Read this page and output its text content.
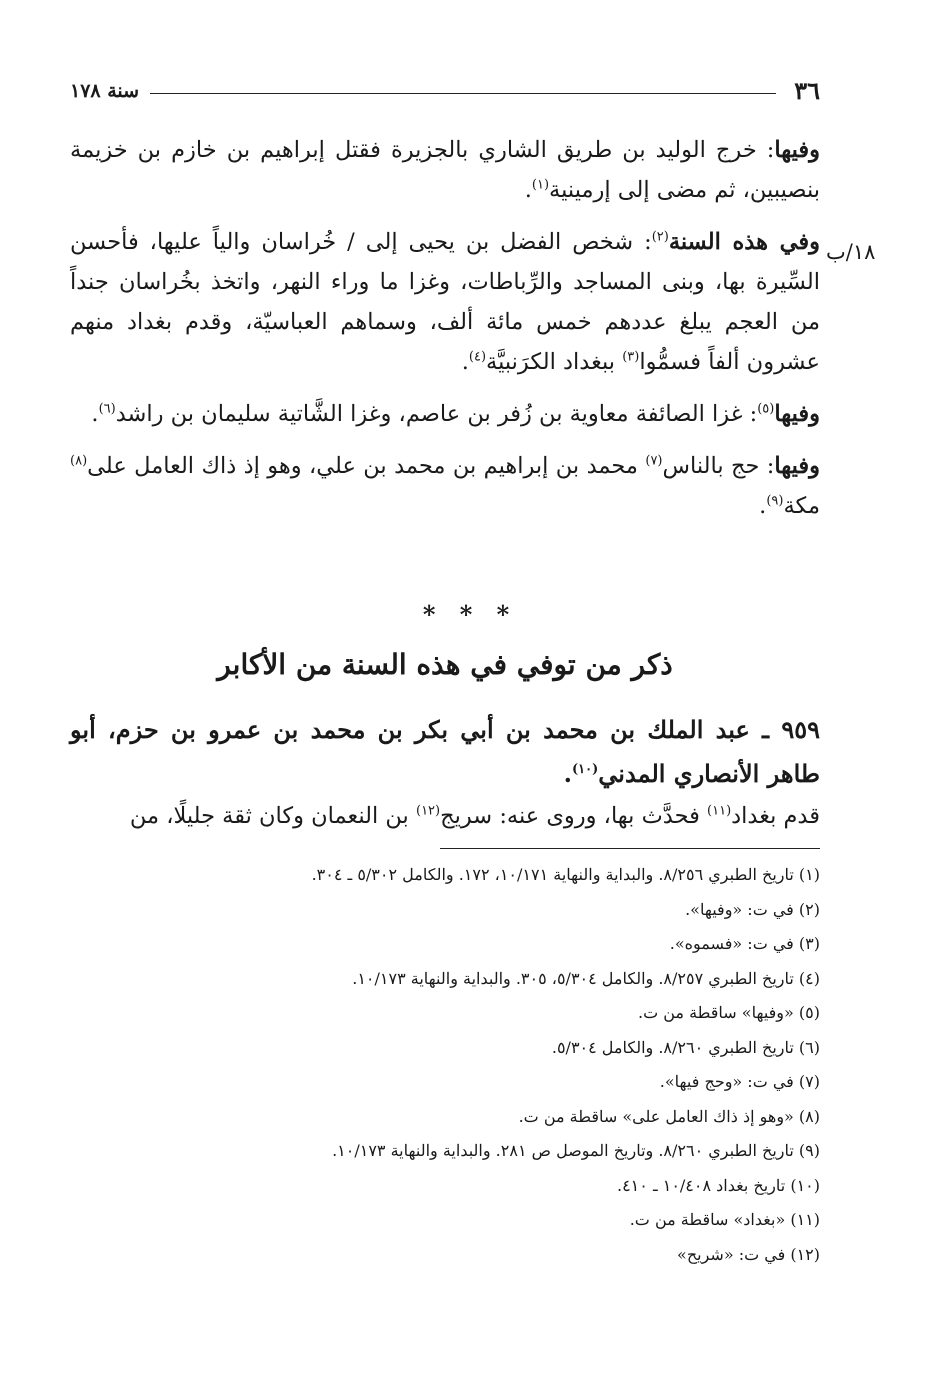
٣٦
سنة ١٧٨
١٨/ب

وفيها: خرج الوليد بن طريق الشاري بالجزيرة فقتل إبراهيم بن خازم بن خزيمة بنصيبين، ثم مضى إلى إرمينية$^{(١)}$.

وفي هذه السنة$^{(٢)}$: شخص الفضل بن يحيى إلى / خُراسان والياً عليها، فأحسن السِّيرة بها، وبنى المساجد والرِّباطات، وغزا ما وراء النهر، واتخذ بخُراسان جنداً من العجم يبلغ عددهم خمس مائة ألف، وسماهم العباسيّة، وقدم بغداد منهم عشرون ألفاً فسمُّوا$^{(٣)}$ ببغداد الكرَنبيَّة$^{(٤)}$.

وفيها$^{(٥)}$: غزا الصائفة معاوية بن زُفر بن عاصم، وغزا الشَّاتية سليمان بن راشد$^{(٦)}$.

وفيها: حج بالناس$^{(٧)}$ محمد بن إبراهيم بن محمد بن علي، وهو إذ ذاك العامل على$^{(٨)}$ مكة$^{(٩)}$.

* * *
ذكر من توفي في هذه السنة من الأكابر

٩٥٩ ـ عبد الملك بن محمد بن أبي بكر بن محمد بن عمرو بن حزم، أبو طاهر الأنصاري المدني$^{(١٠)}$.

قدم بغداد$^{(١١)}$ فحدَّث بها، وروى عنه: سريج$^{(١٢)}$ بن النعمان وكان ثقة جليلًا، من

(١) تاريخ الطبري ٨/٢٥٦. والبداية والنهاية ١٠/١٧١، ١٧٢. والكامل ٥/٣٠٢ ـ ٣٠٤.
(٢) في ت: «وفيها».
(٣) في ت: «فسموه».
(٤) تاريخ الطبري ٨/٢٥٧. والكامل ٥/٣٠٤، ٣٠٥. والبداية والنهاية ١٠/١٧٣.
(٥) «وفيها» ساقطة من ت.
(٦) تاريخ الطبري ٨/٢٦٠. والكامل ٥/٣٠٤.
(٧) في ت: «وحج فيها».
(٨) «وهو إذ ذاك العامل على» ساقطة من ت.
(٩) تاريخ الطبري ٨/٢٦٠. وتاريخ الموصل ص ٢٨١. والبداية والنهاية ١٠/١٧٣.
(١٠) تاريخ بغداد ١٠/٤٠٨ ـ ٤١٠.
(١١) «بغداد» ساقطة من ت.
(١٢) في ت: «شريح»
